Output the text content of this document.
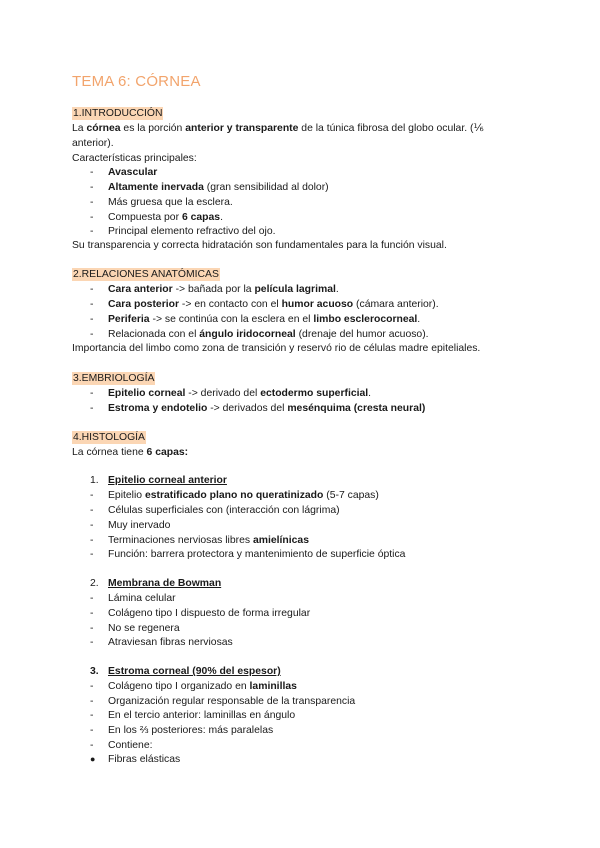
TEMA 6: CÓRNEA
1.INTRODUCCIÓN
La córnea es la porción anterior y transparente de la túnica fibrosa del globo ocular. (⅙
anterior).
Características principales:
- Avascular
- Altamente inervada (gran sensibilidad al dolor)
- Más gruesa que la esclera.
- Compuesta por 6 capas.
- Principal elemento refractivo del ojo.
Su transparencia y correcta hidratación son fundamentales para la función visual.
2.RELACIONES ANATÓMICAS
- Cara anterior -> bañada por la película lagrimal.
- Cara posterior -> en contacto con el humor acuoso (cámara anterior).
- Periferia -> se continúa con la esclera en el limbo esclerocorneal.
- Relacionada con el ángulo iridocorneal (drenaje del humor acuoso).
Importancia del limbo como zona de transición y reservó rio de células madre epiteliales.
3.EMBRIOLOGÍA
- Epitelio corneal -> derivado del ectodermo superficial.
- Estroma y endotelio -> derivados del mesénquima (cresta neural)
4.HISTOLOGÍA
La córnea tiene 6 capas:
1. Epitelio corneal anterior
- Epitelio estratificado plano no queratinizado (5-7 capas)
- Células superficiales con (interacción con lágrima)
- Muy inervado
- Terminaciones nerviosas libres amielínicas
- Función: barrera protectora y mantenimiento de superficie óptica
2. Membrana de Bowman
- Lámina celular
- Colágeno tipo I dispuesto de forma irregular
- No se regenera
- Atraviesan fibras nerviosas
3. Estroma corneal (90% del espesor)
- Colágeno tipo I organizado en laminillas
- Organización regular responsable de la transparencia
- En el tercio anterior: laminillas en ángulo
- En los ⅔ posteriores: más paralelas
- Contiene:
● Fibras elásticas
